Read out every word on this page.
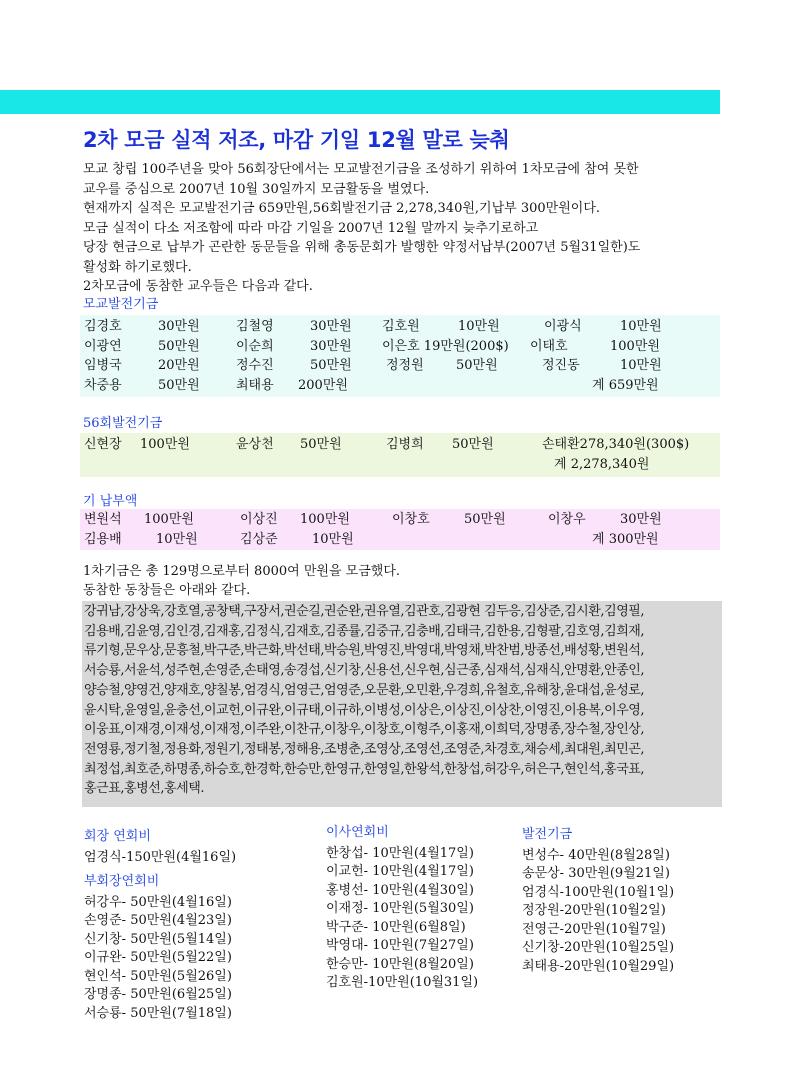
2차 모금 실적 저조, 마감 기일 12월 말로 늦춰

모교 창립 100주년을 맞아 56회장단에서는 모교발전기금을 조성하기 위하여 1차모금에 참여 못한

교우를 중심으로 2007년 10월 30일까지 모금활동을 벌였다.

현재까지 실적은 모교발전기금 659만원,56회발전기금 2,278,340원,기납부 300만원이다.

모금 실적이 다소 저조함에 따라 마감 기일을 2007년 12월 말까지 늦추기로하고

당장 현금으로 납부가 곤란한 동문들을 위해 총동문회가 발행한 약정서납부(2007년 5월31일한)도

활성화 하기로했다.

2차모금에 동참한 교우들은 다음과 같다.

모교발전기금
김경호	30만원	김철영	30만원 김호원	10만원	이광식	10만원
이광연	50만원	이순희	30만원 이은호 19만원(200$) 이태호	100만원
임병국	20만원	정수진	50만원	정정원 50만원	정진동	10만원
차중용	50만원	최태용 200만원	계 659만원
56회발전기금
신현장 100만원	윤상천 50만원	김병희 50만원	손태환278,340원(300$)
계 2,278,340원
기 납부액
변원석 100만원	이상진 100만원	이창호	50만원	이창우	30만원
김용배	10만원	김상준	10만원	계 300만원

1차기금은 총 129명으로부터 8000여 만원을 모금했다.

동참한 동창들은 아래와 같다.

강귀남,강상욱,강호열,공창택,구장서,권순길,권순완,권유열,김관호,김광현 김두응,김상준,김시환,김영필,

김용배,김윤영,김인경,김재홍,김정식,김재호,김종률,김중규,김충배,김태극,김한용,김형팔,김호영,김희재,

류기형,문우상,문흥철,박구준,박근화,박선태,박승원,박영진,박영대,박영채,박찬범,방종선,배성황,변원석,

서승룡,서윤석,성주현,손영준,손태영,송경섭,신기창,신용선,신우현,심근종,심재석,심재식,안명환,안종인,

양승철,양영건,양재호,양칠봉,엄경식,엄영근,엄영준,오문환,오민환,우경희,유철호,유해창,윤대섭,윤성로,

윤시탁,윤영일,윤충선,이교헌,이규완,이규태,이규하,이병성,이상은,이상진,이상찬,이영진,이용복,이우영,

이웅표,이재경,이재성,이재정,이주완,이찬규,이창우,이창호,이형주,이홍재,이희덕,장명종,장수철,장인상,

전영룡,정기철,정용화,정원기,정태봉,정해용,조병춘,조영상,조영선,조영준,차경호,채승세,최대원,최민곤,

최정섭,최호준,하명종,하승호,한경학,한승만,한영규,한영일,한왕석,한창섭,허강우,허은구,현인석,홍국표,

홍근표,홍병선,홍세택.

회장 연회비

엄경식-150만원(4월16일)

부회장연회비

허강우- 50만원(4월16일)

손영준- 50만원(4월23일)

신기창- 50만원(5월14일)

이규완- 50만원(5월22일)

현인석- 50만원(5월26일)

장명종- 50만원(6월25일)

서승룡- 50만원(7월18일)

이사연회비

한창섭- 10만원(4월17일)

이교헌- 10만원(4월17일)

홍병선- 10만원(4월30일)

이재정- 10만원(5월30일)

박구준- 10만원(6월8일)

박영대- 10만원(7월27일)

한승만- 10만원(8월20일)

김호원-10만원(10월31일)

발전기금

변성수- 40만원(8월28일)

송문상- 30만원(9월21일)

엄경식-100만원(10월1일)

정장원-20만원(10월2일)

전영근-20만원(10월7일)

신기창-20만원(10월25일)

최태용-20만원(10월29일)
